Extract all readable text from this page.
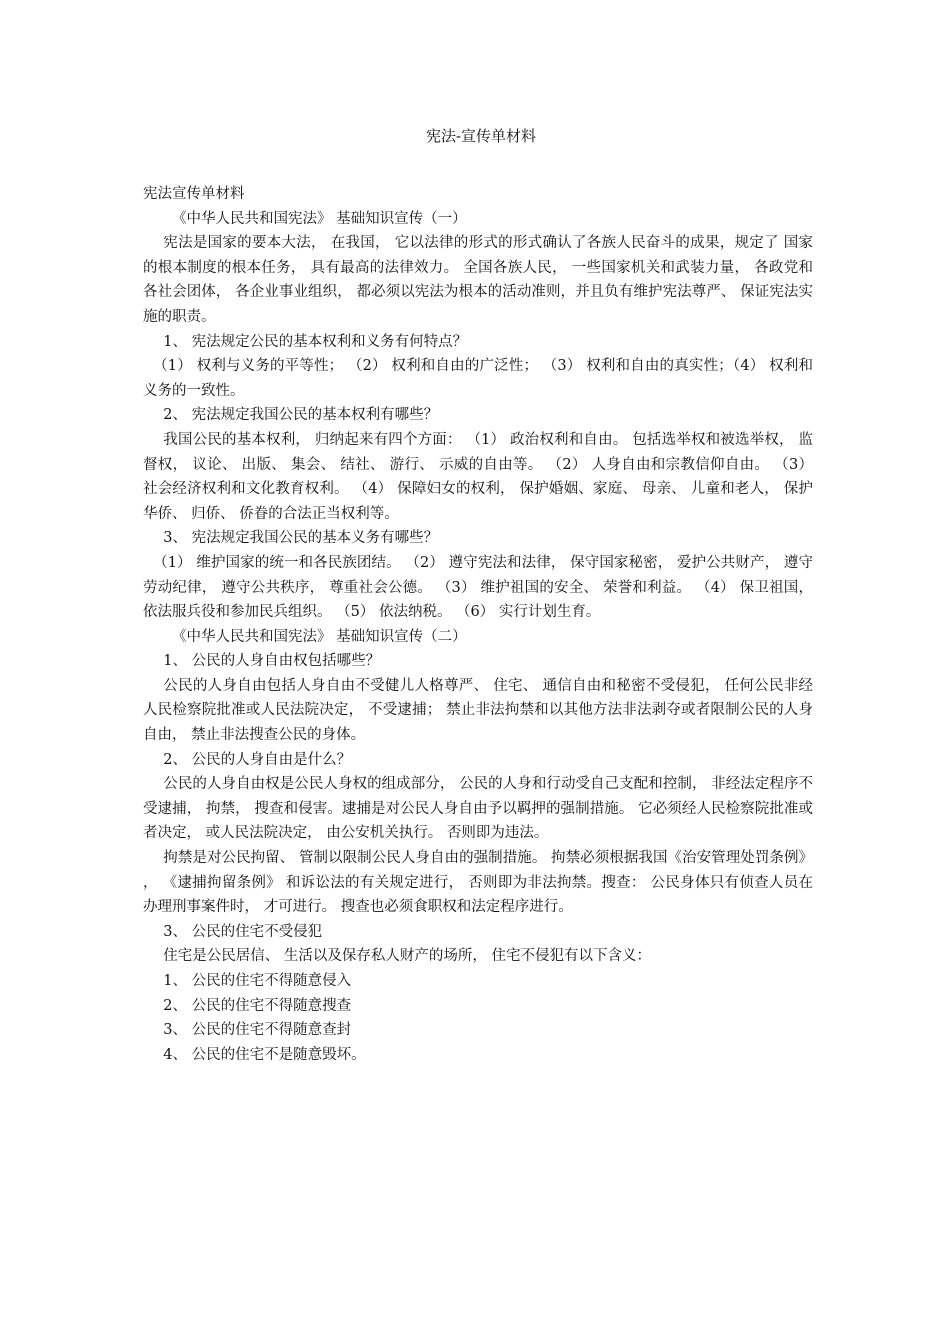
宪法-宣传单材料

宪法宣传单材料

《中华人民共和国宪法》 基础知识宣传（一）

宪法是国家的要本大法， 在我国， 它以法律的形式的形式确认了各族人民奋斗的成果，规定了 国家的根本制度的根本任务， 具有最高的法律效力。 全国各族人民， 一些国家机关和武装力量， 各政党和各社会团体， 各企业事业组织， 都必须以宪法为根本的活动准则，并且负有维护宪法尊严、 保证宪法实施的职责。

1、 宪法规定公民的基本权利和义务有何特点？

（1） 权利与义务的平等性； （2） 权利和自由的广泛性； （3） 权利和自由的真实性；（4） 权利和义务的一致性。

2、 宪法规定我国公民的基本权利有哪些？

我国公民的基本权利， 归纳起来有四个方面： （1） 政治权利和自由。 包括选举权和被选举权， 监督权， 议论、 出版、 集会、 结社、 游行、 示威的自由等。 （2） 人身自由和宗教信仰自由。 （3） 社会经济权利和文化教育权利。 （4） 保障妇女的权利， 保护婚姻、家庭、 母亲、 儿童和老人， 保护华侨、 归侨、 侨眷的合法正当权利等。

3、 宪法规定我国公民的基本义务有哪些？

（1） 维护国家的统一和各民族团结。 （2） 遵守宪法和法律， 保守国家秘密， 爱护公共财产， 遵守劳动纪律， 遵守公共秩序， 尊重社会公德。 （3） 维护祖国的安全、 荣誉和利益。 （4） 保卫祖国， 依法服兵役和参加民兵组织。 （5） 依法纳税。 （6） 实行计划生育。

《中华人民共和国宪法》 基础知识宣传（二）

1、 公民的人身自由权包括哪些？

公民的人身自由包括人身自由不受健儿人格尊严、 住宅、 通信自由和秘密不受侵犯， 任何公民非经人民检察院批准或人民法院决定， 不受逮捕； 禁止非法拘禁和以其他方法非法剥夺或者限制公民的人身自由， 禁止非法搜查公民的身体。

2、 公民的人身自由是什么？

公民的人身自由权是公民人身权的组成部分， 公民的人身和行动受自己支配和控制， 非经法定程序不受逮捕， 拘禁， 搜查和侵害。逮捕是对公民人身自由予以羁押的强制措施。 它必须经人民检察院批准或者决定， 或人民法院决定， 由公安机关执行。 否则即为违法。

拘禁是对公民拘留、 管制以限制公民人身自由的强制措施。 拘禁必须根据我国《治安管理处罚条例》 ， 《逮捕拘留条例》 和诉讼法的有关规定进行， 否则即为非法拘禁。搜查： 公民身体只有侦查人员在办理刑事案件时， 才可进行。 搜查也必须食职权和法定程序进行。

3、 公民的住宅不受侵犯

住宅是公民居信、 生活以及保存私人财产的场所， 住宅不侵犯有以下含义：

1、 公民的住宅不得随意侵入

2、 公民的住宅不得随意搜查

3、 公民的住宅不得随意查封

4、 公民的住宅不是随意毁坏。
